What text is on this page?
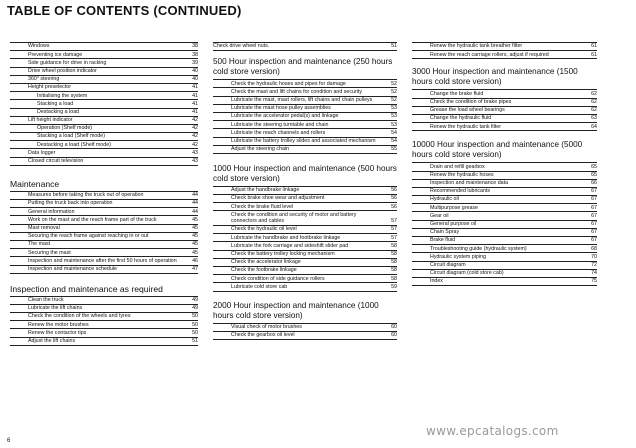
TABLE OF CONTENTS (CONTINUED)
Windows	38
Preventing ice damage	38
Side guidance for drive in racking	39
Drive wheel position indicator	40
360° steering	40
Height preselector	41
Initialising the system	41
Stacking a load	41
Destacking a load	41
Lift height indicator	42
Operation (Shelf mode)	42
Stacking a load (Shelf mode)	42
Destacking a load (Shelf mode)	42
Data logger	43
Closed circuit television	43
Maintenance
Measures before taking the truck out of operation	44
Putting the truck back into operation	44
General information	44
Work on the mast and the reach frame part of the truck	45
Mast removal	45
Securing the reach frame against reaching in or out	45
The mast	45
Securing the mast	45
Inspection and maintenance after the first 50 hours of operation	46
Inspection and maintenance schedule	47
Inspection and maintenance as required
Clean the truck	49
Lubricate the lift chains	49
Check the condition of the wheels and tyres	50
Renew the motor brushes	50
Renew the contactor tips	50
Adjust the lift chains	51
Check drive wheel nuts.	51
500 Hour inspection and maintenance (250 hours cold store version)
Check the hydraulic hoses and pipes for damage	52
Check the mast and lift chains for condition and security	52
Lubricate the mast, mast rollers, lift chains and chain pulleys	52
Lubricate the mast hose pulley assemblies	53
Lubricate the accelerator pedal(s) and linkage	53
Lubricate the steering turntable and chain	53
Lubricate the reach channels and rollers	54
Lubricate the battery trolley slides and associated mechanism	54
Adjust the steering chain	55
1000 Hour inspection and maintenance (500 hours cold store version)
Adjust the handbrake linkage	56
Check brake shoe wear and adjustment	56
Check the brake fluid level	56
Check the condition and security of motor and battery connectors and cables	57
Check the hydraulic oil level	57
Lubricate the handbrake and footbrake linkage	57
Lubricate the fork carriage and sideshift slider pad	58
Check the battery trolley locking mechanism	58
Check the accelerator linkage	58
Check the footbrake linkage	58
Check condition of side guidance rollers	58
Lubricate cold store cab	59
2000 Hour inspection and maintenance (1000 hours cold store version)
Visual check of motor brushes	60
Check the gearbox oil level	60
Renew the hydraulic tank breather filter	61
Renew the reach carriage rollers, adjust if required	61
3000 Hour inspection and maintenance (1500 hours cold store version)
Change the brake fluid	62
Check the condition of brake pipes	62
Grease the load wheel bearings	62
Change the hydraulic fluid	63
Renew the hydraulic tank filter	64
10000 Hour inspection and maintenance (5000 hours cold store version)
Drain and refill gearbox	65
Renew the hydraulic hoses	65
Inspection and maintenance data	66
Recommended lubricants	67
Hydraulic oil	67
Multipurpose grease	67
Gear oil	67
General purpose oil	67
Chain Spray	67
Brake fluid	67
Troubleshooting guide (hydraulic system)	68
Hydraulic system piping	70
Circuit diagram	72
Circuit diagram (cold store cab)	74
Index	75
6
www.epcatalogs.com
